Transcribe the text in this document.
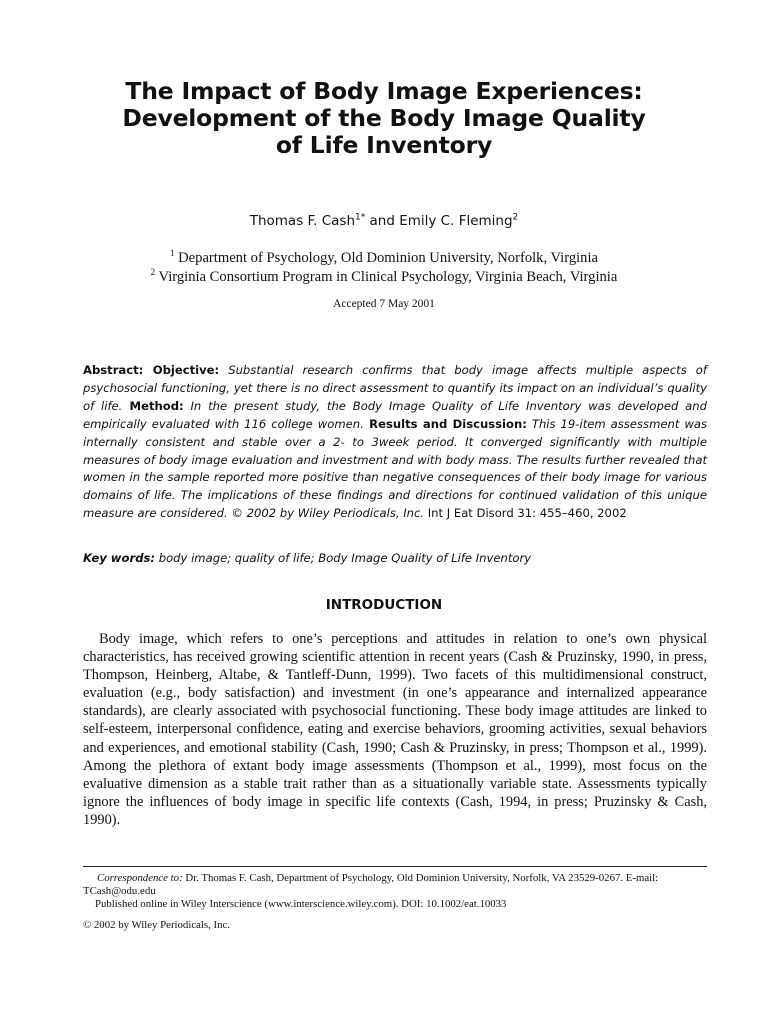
The Impact of Body Image Experiences:
Development of the Body Image Quality
of Life Inventory
Thomas F. Cash$^{1*}$ and Emily C. Fleming$^2$
$^1$ Department of Psychology, Old Dominion University, Norfolk, Virginia
$^2$ Virginia Consortium Program in Clinical Psychology, Virginia Beach, Virginia
Accepted 7 May 2001
Abstract: Objective: Substantial research confirms that body image affects multiple aspects of psychosocial functioning, yet there is no direct assessment to quantify its impact on an individual’s quality of life. Method: In the present study, the Body Image Quality of Life Inventory was developed and empirically evaluated with 116 college women. Results and Discussion: This 19-item assessment was internally consistent and stable over a 2- to 3week period. It converged significantly with multiple measures of body image evaluation and investment and with body mass. The results further revealed that women in the sample reported more positive than negative consequences of their body image for various domains of life. The implications of these findings and directions for continued validation of this unique measure are considered. © 2002 by Wiley Periodicals, Inc. Int J Eat Disord 31: 455–460, 2002
Key words: body image; quality of life; Body Image Quality of Life Inventory
INTRODUCTION

Body image, which refers to one’s perceptions and attitudes in relation to one’s own physical characteristics, has received growing scientific attention in recent years (Cash & Pruzinsky, 1990, in press, Thompson, Heinberg, Altabe, & Tantleff-Dunn, 1999). Two facets of this multidimensional construct, evaluation (e.g., body satisfaction) and investment (in one’s appearance and internalized appearance standards), are clearly associated with psychosocial functioning. These body image attitudes are linked to self-esteem, interpersonal confidence, eating and exercise behaviors, grooming activities, sexual behaviors and experiences, and emotional stability (Cash, 1990; Cash & Pruzinsky, in press; Thompson et al., 1999). Among the plethora of extant body image assessments (Thompson et al., 1999), most focus on the evaluative dimension as a stable trait rather than as a situationally variable state. Assessments typically ignore the influences of body image in specific life contexts (Cash, 1994, in press; Pruzinsky & Cash, 1990).

Correspondence to: Dr. Thomas F. Cash, Department of Psychology, Old Dominion University, Norfolk, VA 23529-0267. E-mail: TCash@odu.edu
Published online in Wiley Interscience (www.interscience.wiley.com). DOI: 10.1002/eat.10033
© 2002 by Wiley Periodicals, Inc.
